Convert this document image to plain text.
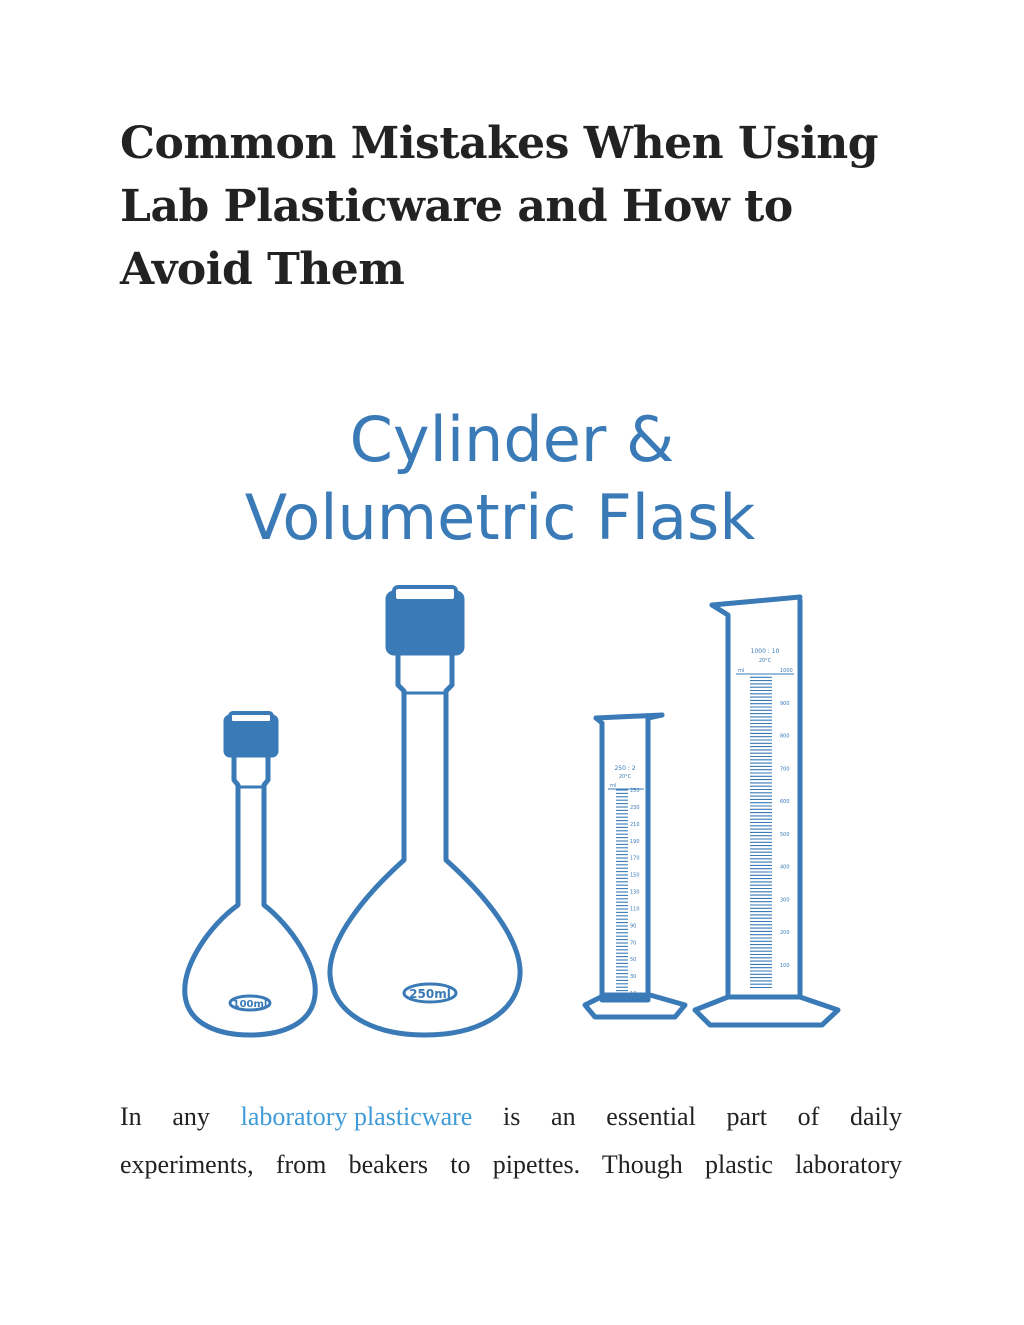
Common Mistakes When Using Lab Plasticware and How to Avoid Them
Cylinder &
Volumetric Flask
100ml
250ml
250 : 2
20°C
ml
250
230
210
190
170
150
130
110
90
70
50
30
10
1000 : 10
20°C
ml	1000
900
800
700
600
500
400
300
200
100
In any laboratory plasticware is an essential part of daily
experiments, from beakers to pipettes. Though plastic laboratory
